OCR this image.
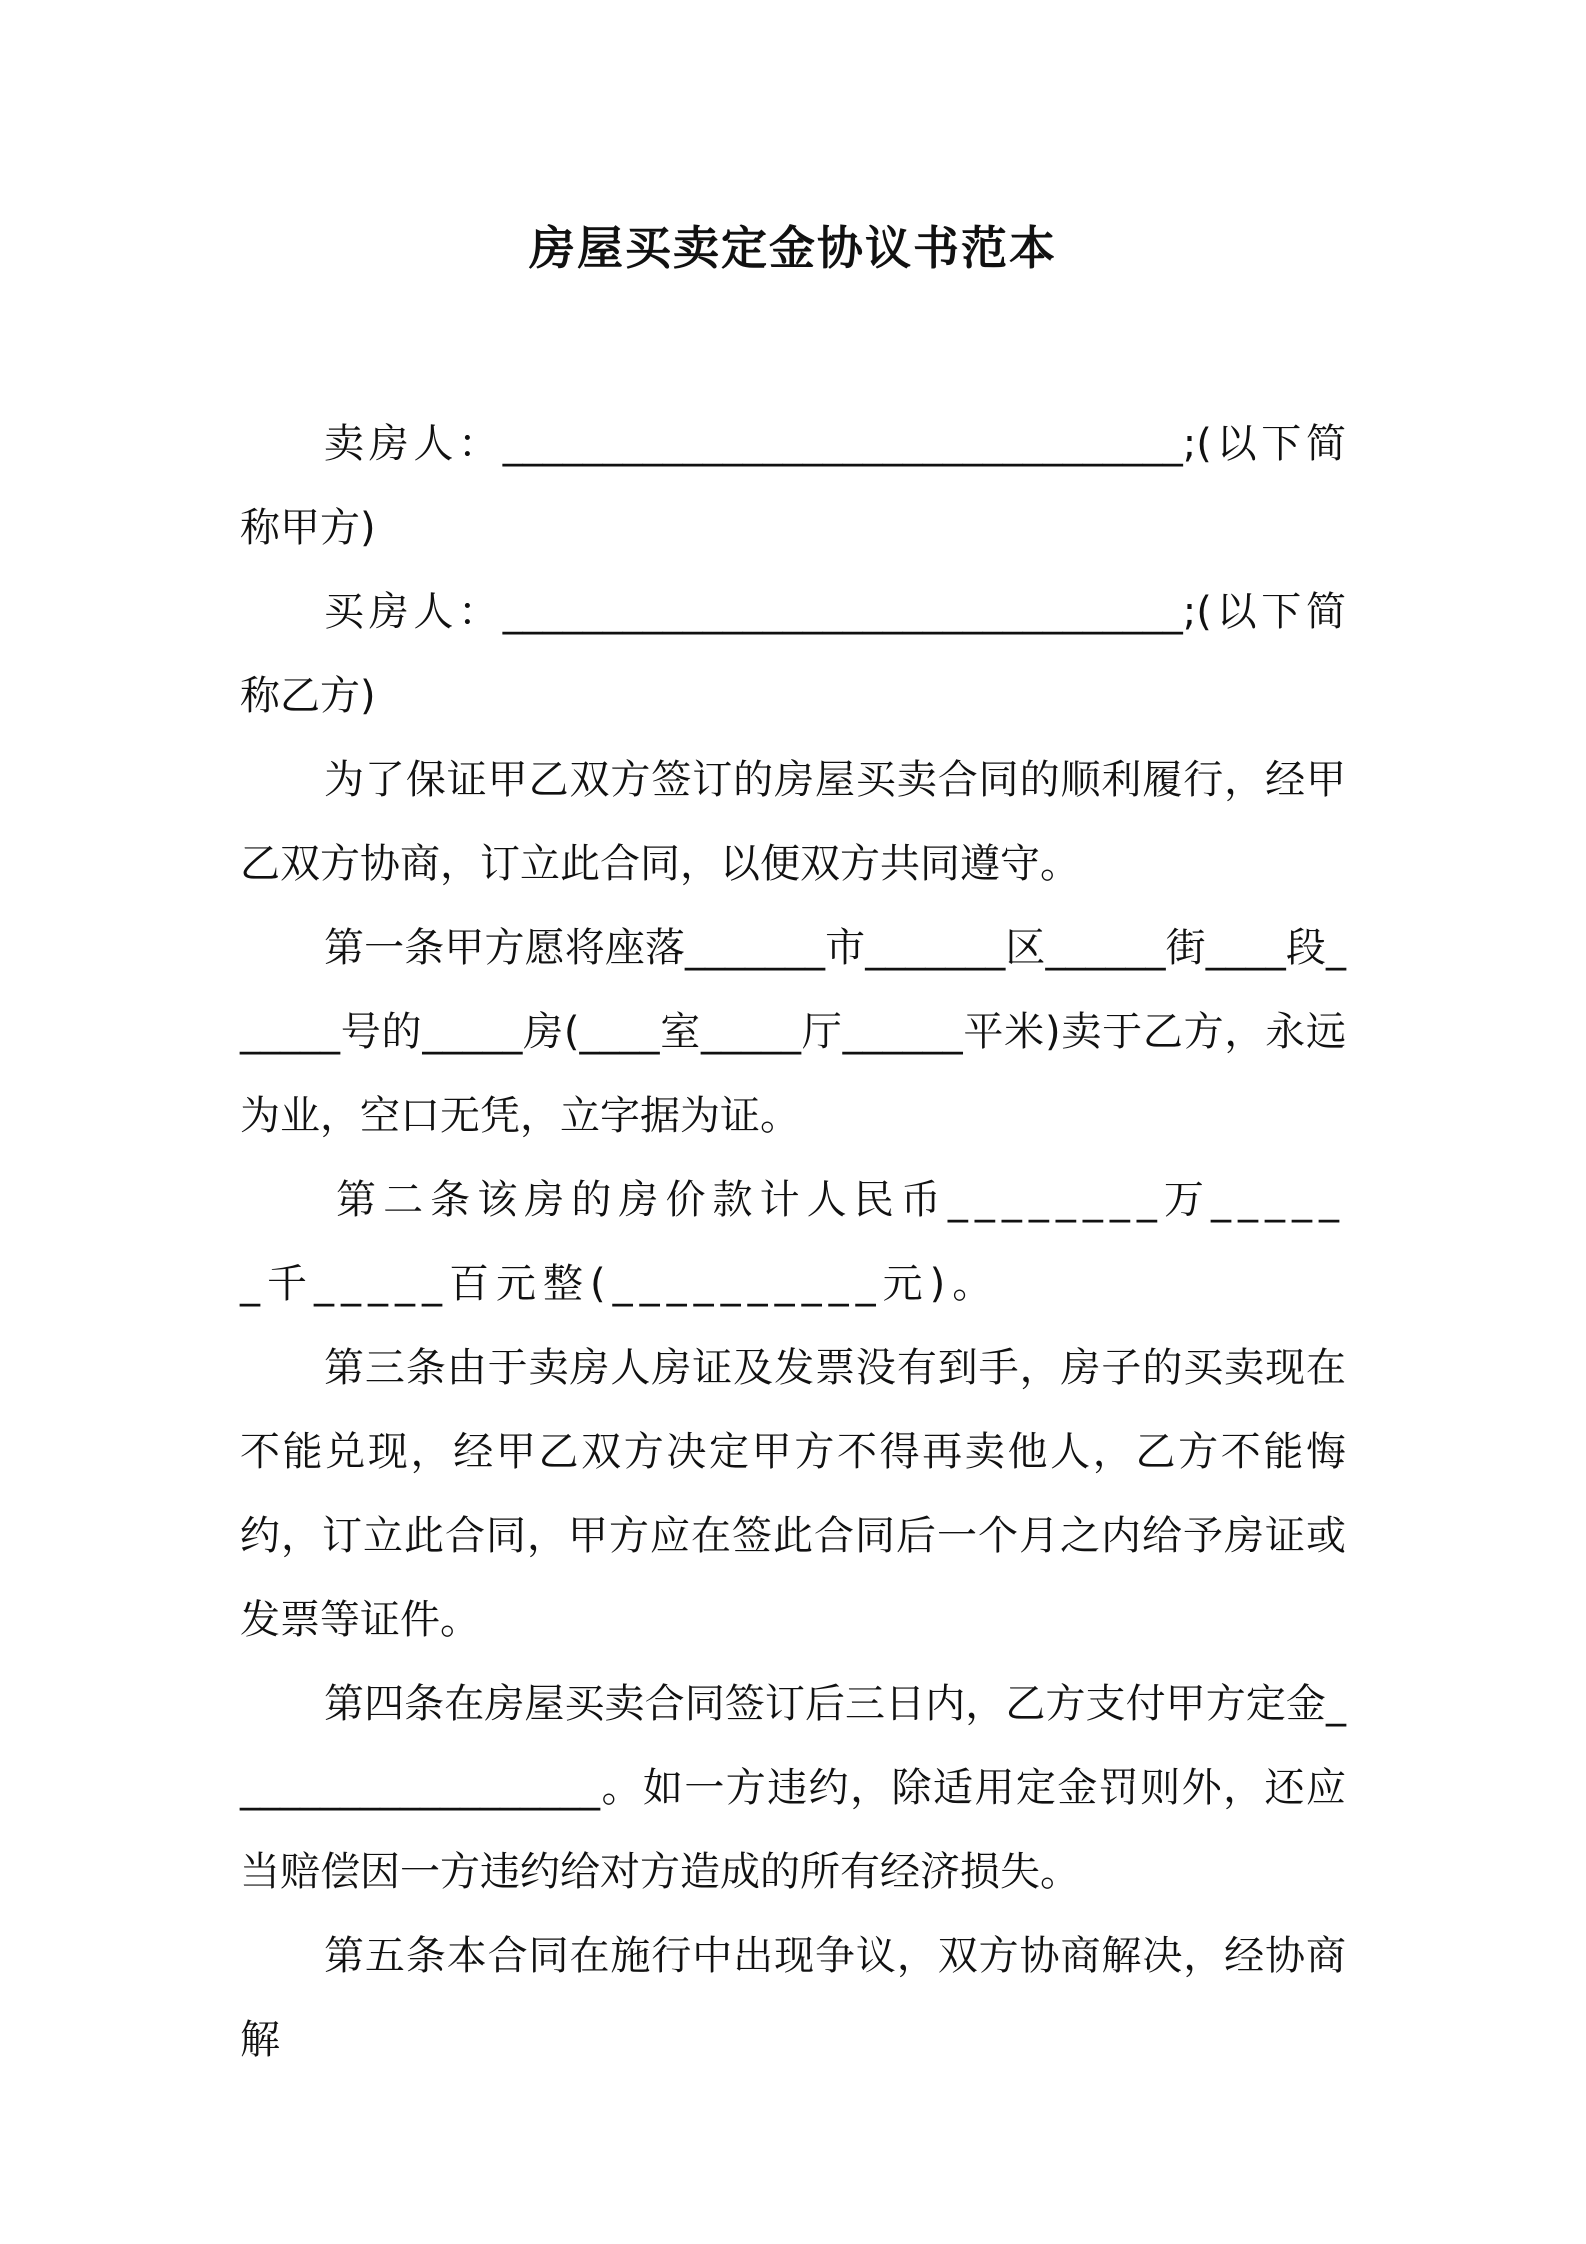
房屋买卖定金协议书范本

卖房人：__________________________________;(以下简称甲方)

买房人：__________________________________;(以下简称乙方)

为了保证甲乙双方签订的房屋买卖合同的顺利履行，经甲乙双方协商，订立此合同，以便双方共同遵守。

第一条甲方愿将座落_______市_______区______街____段______号的_____房(____室_____厅______平米)卖于乙方，永远为业，空口无凭，立字据为证。

第二条该房的房价款计人民币________万______千_____百元整(__________元)。

第三条由于卖房人房证及发票没有到手，房子的买卖现在不能兑现，经甲乙双方决定甲方不得再卖他人，乙方不能悔约，订立此合同，甲方应在签此合同后一个月之内给予房证或发票等证件。

第四条在房屋买卖合同签订后三日内，乙方支付甲方定金___________________。如一方违约，除适用定金罚则外，还应当赔偿因一方违约给对方造成的所有经济损失。

第五条本合同在施行中出现争议，双方协商解决，经协商解
